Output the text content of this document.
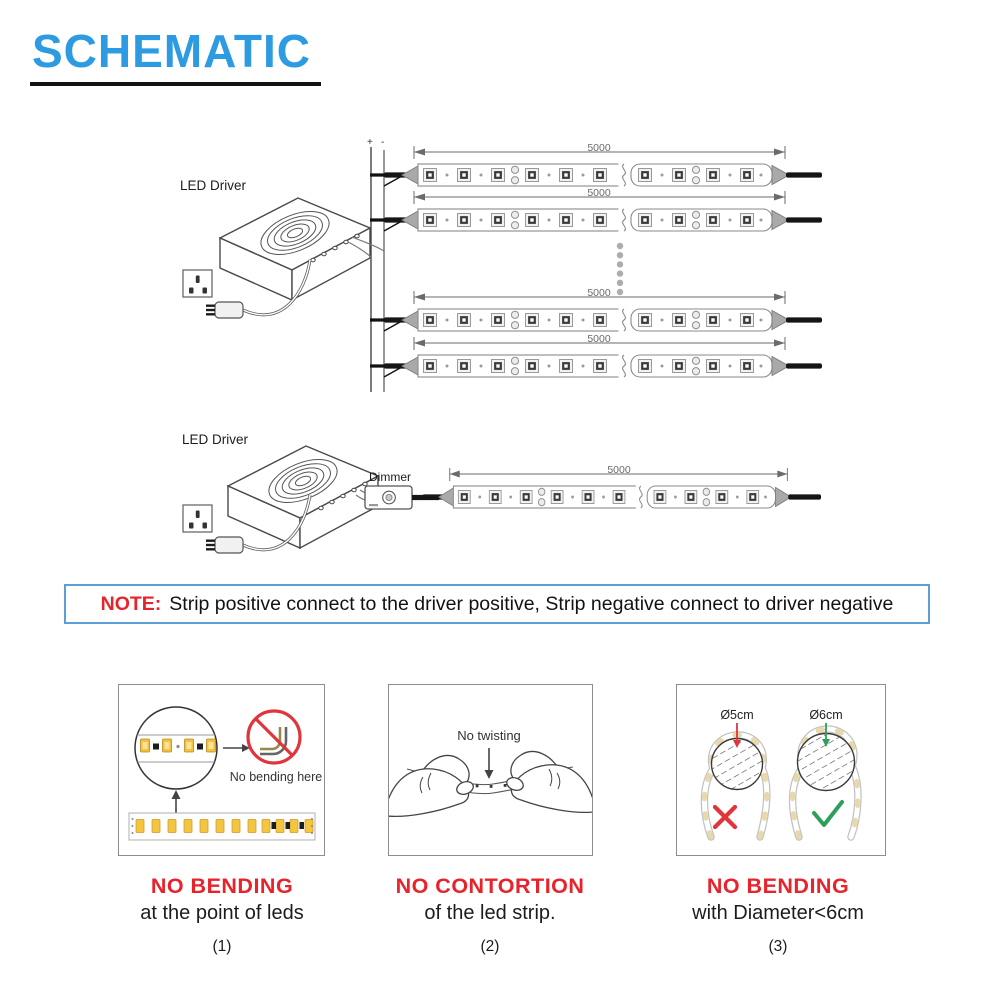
SCHEMATIC
LED Driver
+ -	5000
5000
5000
5000
LED Driver
Dimmer	5000
NOTE: Strip positive connect to the driver positive, Strip negative connect to driver negative
No bending here
No twisting
Ø5cm	Ø6cm
NO BENDING
at the point of leds
(1)
NO CONTORTION
of the led strip.
(2)
NO BENDING
with Diameter<6cm
(3)
